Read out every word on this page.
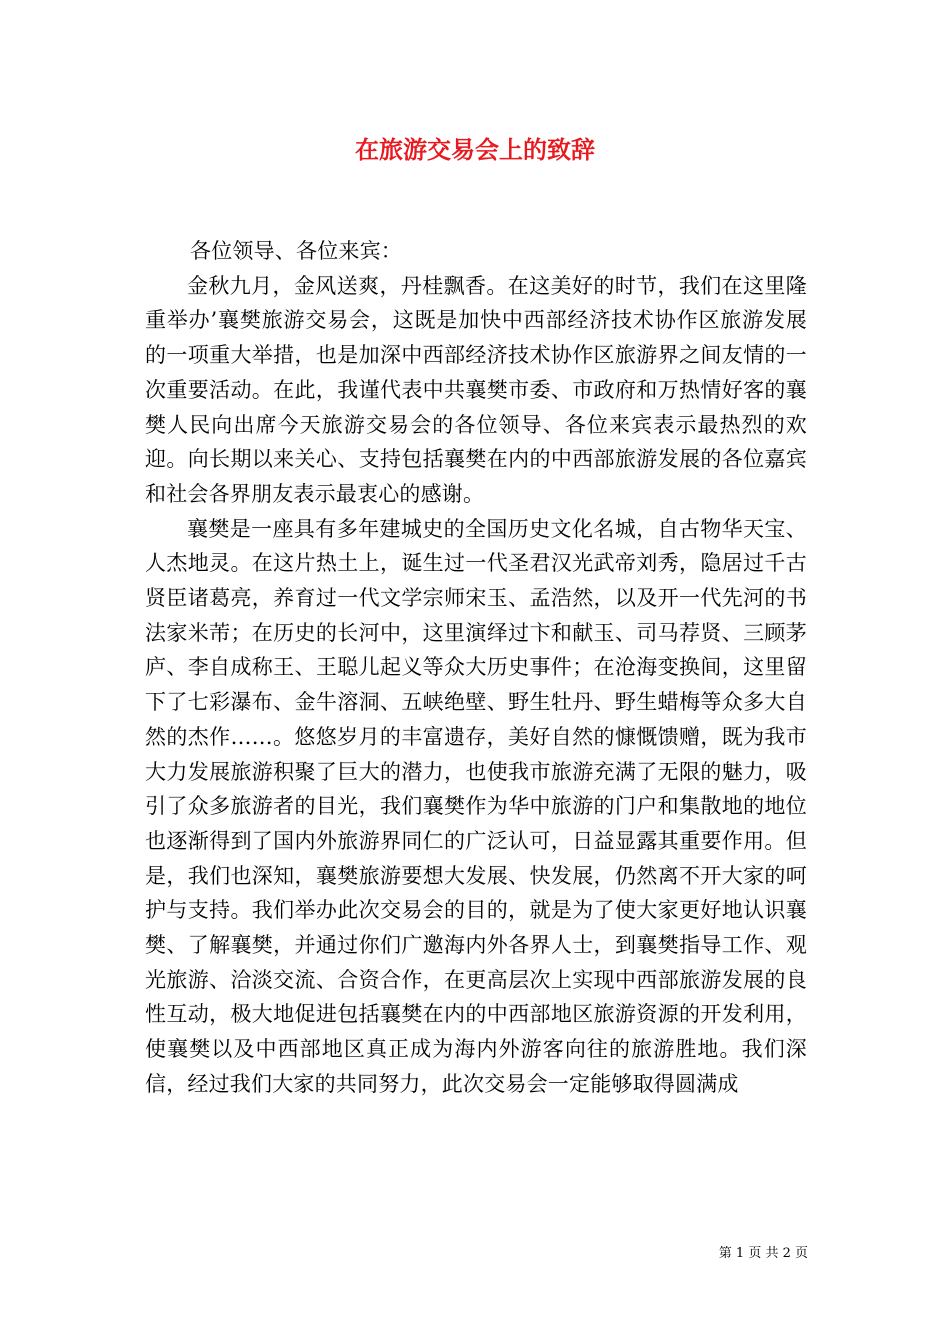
在旅游交易会上的致辞

各位领导、各位来宾：

金秋九月，金风送爽，丹桂飘香。在这美好的时节，我们在这里隆重举办’襄樊旅游交易会，这既是加快中西部经济技术协作区旅游发展的一项重大举措，也是加深中西部经济技术协作区旅游界之间友情的一次重要活动。在此，我谨代表中共襄樊市委、市政府和万热情好客的襄樊人民向出席今天旅游交易会的各位领导、各位来宾表示最热烈的欢迎。向长期以来关心、支持包括襄樊在内的中西部旅游发展的各位嘉宾和社会各界朋友表示最衷心的感谢。

襄樊是一座具有多年建城史的全国历史文化名城，自古物华天宝、人杰地灵。在这片热土上，诞生过一代圣君汉光武帝刘秀，隐居过千古贤臣诸葛亮，养育过一代文学宗师宋玉、孟浩然，以及开一代先河的书法家米芾；在历史的长河中，这里演绎过卞和献玉、司马荐贤、三顾茅庐、李自成称王、王聪儿起义等众大历史事件；在沧海变换间，这里留下了七彩瀑布、金牛溶洞、五峡绝壁、野生牡丹、野生蜡梅等众多大自然的杰作……。悠悠岁月的丰富遗存，美好自然的慷慨馈赠，既为我市大力发展旅游积聚了巨大的潜力，也使我市旅游充满了无限的魅力，吸引了众多旅游者的目光，我们襄樊作为华中旅游的门户和集散地的地位也逐渐得到了国内外旅游界同仁的广泛认可，日益显露其重要作用。但是，我们也深知，襄樊旅游要想大发展、快发展，仍然离不开大家的呵护与支持。我们举办此次交易会的目的，就是为了使大家更好地认识襄樊、了解襄樊，并通过你们广邀海内外各界人士，到襄樊指导工作、观光旅游、洽淡交流、合资合作，在更高层次上实现中西部旅游发展的良性互动，极大地促进包括襄樊在内的中西部地区旅游资源的开发利用，使襄樊以及中西部地区真正成为海内外游客向往的旅游胜地。我们深信，经过我们大家的共同努力，此次交易会一定能够取得圆满成

第 1 页 共 2 页
